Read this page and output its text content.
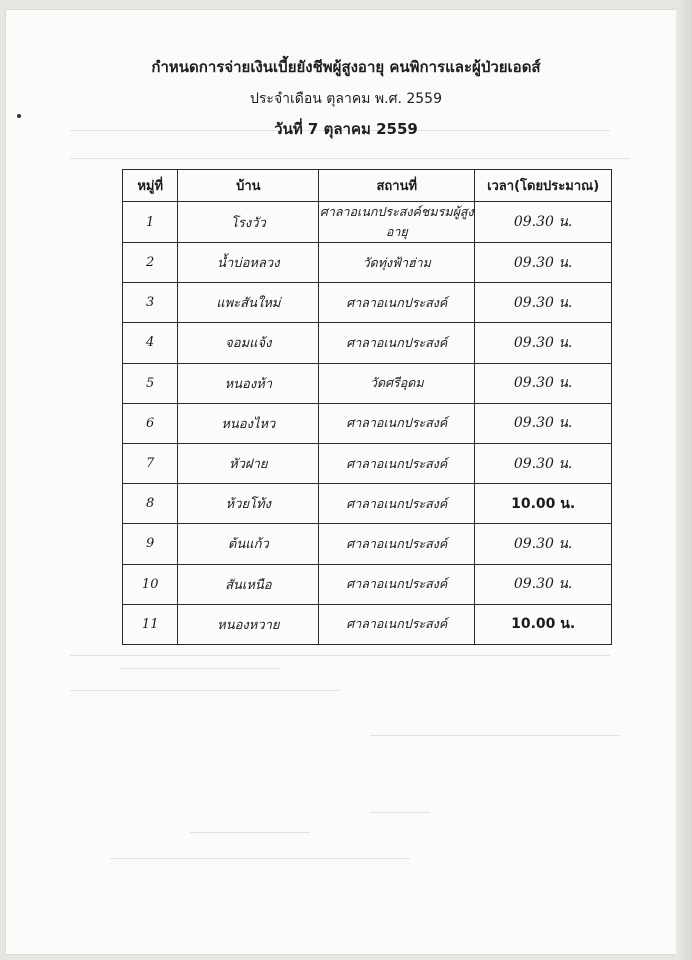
กำหนดการจ่ายเงินเบี้ยยังชีพผู้สูงอายุ คนพิการและผู้ป่วยเอดส์
ประจำเดือน ตุลาคม พ.ศ. 2559
วันที่ 7 ตุลาคม 2559
หมู่ที่	บ้าน	สถานที่	เวลา(โดยประมาณ)
1	โรงวัว	ศาลาอเนกประสงค์ชมรมผู้สูงอายุ	09.30 น.
2	น้ำบ่อหลวง	วัดทุ่งฟ้าฮ่าม	09.30 น.
3	แพะสันใหม่	ศาลาอเนกประสงค์	09.30 น.
4	จอมแจ้ง	ศาลาอเนกประสงค์	09.30 น.
5	หนองห้า	วัดศรีอุดม	09.30 น.
6	หนองไหว	ศาลาอเนกประสงค์	09.30 น.
7	หัวฝาย	ศาลาอเนกประสงค์	09.30 น.
8	ห้วยโท้ง	ศาลาอเนกประสงค์	10.00 น.
9	ต้นแก้ว	ศาลาอเนกประสงค์	09.30 น.
10	สันเหนือ	ศาลาอเนกประสงค์	09.30 น.
11	หนองหวาย	ศาลาอเนกประสงค์	10.00 น.
